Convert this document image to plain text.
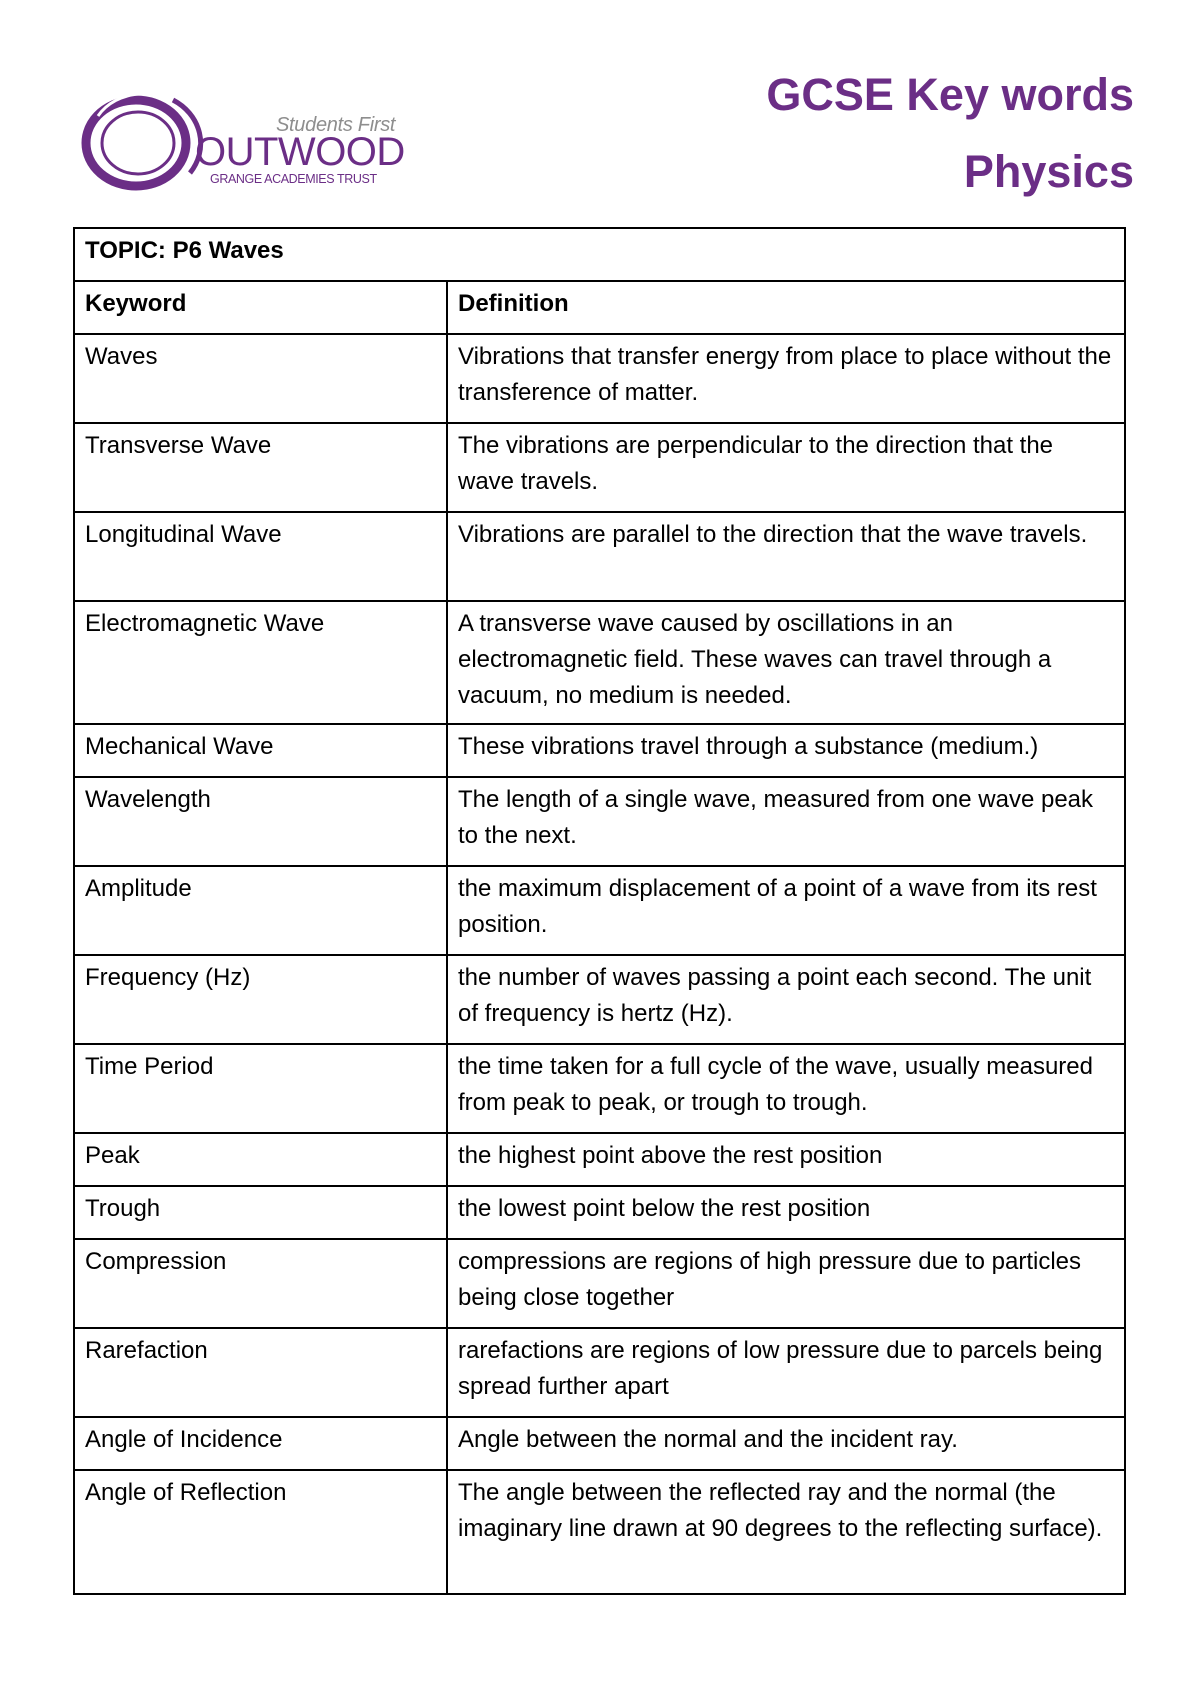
Students First
OUTWOOD
GRANGE ACADEMIES TRUST
GCSE Key words
Physics
TOPIC: P6 Waves	
Keyword	Definition
Waves	Vibrations that transfer energy from place to place without the transference of matter.
Transverse Wave	The vibrations are perpendicular to the direction that the wave travels.
Longitudinal Wave	Vibrations are parallel to the direction that the wave travels.
Electromagnetic Wave	A transverse wave caused by oscillations in an electromagnetic field. These waves can travel through a vacuum, no medium is needed.
Mechanical Wave	These vibrations travel through a substance (medium.)
Wavelength	The length of a single wave, measured from one wave peak to the next.
Amplitude	the maximum displacement of a point of a wave from its rest position.
Frequency (Hz)	the number of waves passing a point each second. The unit of frequency is hertz (Hz).
Time Period	the time taken for a full cycle of the wave, usually measured from peak to peak, or trough to trough.
Peak	the highest point above the rest position
Trough	the lowest point below the rest position
Compression	compressions are regions of high pressure due to particles being close together
Rarefaction	rarefactions are regions of low pressure due to parcels being spread further apart
Angle of Incidence	Angle between the normal and the incident ray.
Angle of Reflection	The angle between the reflected ray and the normal (the imaginary line drawn at 90 degrees to the reflecting surface).
